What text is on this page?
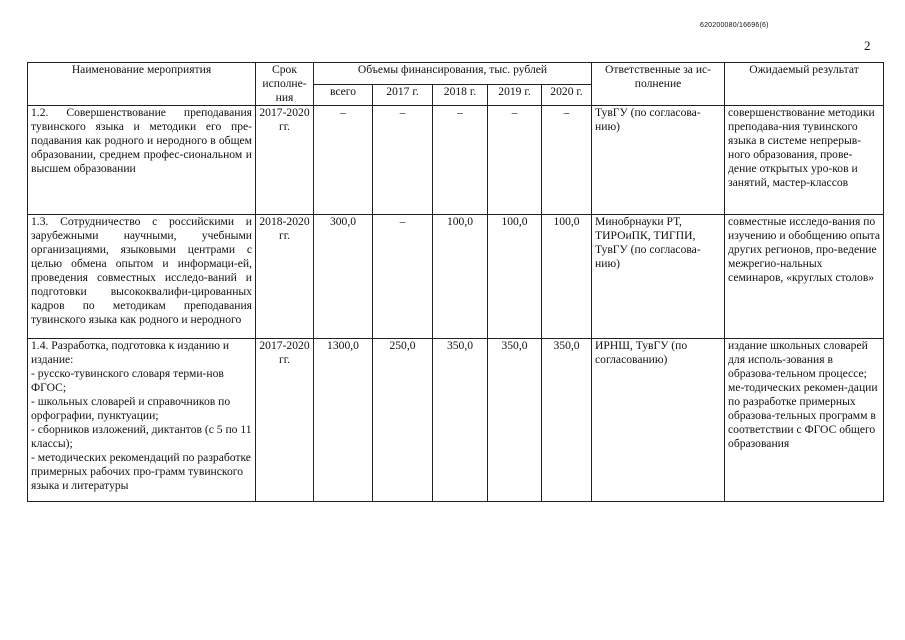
620200080/16696(6)
2
Наименование мероприятия	Срок исполне-ния	Объемы финансирования, тыс. рублей					Ответственные за ис-полнение	Ожидаемый результат
		всего	2017 г.	2018 г.	2019 г.	2020 г.		
1.2. Совершенствование преподавания тувинского языка и методики его пре-подавания как родного и неродного в общем образовании, среднем профес-сиональном и высшем образовании	2017-2020 гг.	–	–	–	–	–	ТувГУ (по согласова-нию)	совершенствование методики преподава-ния тувинского языка в системе непрерыв-ного образования, прове-дение открытых уро-ков и занятий, мастер-классов
1.3. Сотрудничество с российскими и зарубежными научными, учебными организациями, языковыми центрами с целью обмена опытом и информаци-ей, проведения совместных исследо-ваний и подготовки высококвалифи-цированных кадров по методикам преподавания тувинского языка как родного и неродного	2018-2020 гг.	300,0	–	100,0	100,0	100,0	Минобрнауки РТ, ТИРОиПК, ТИГПИ, ТувГУ (по согласова-нию)	совместные исследо-вания по изучению и обобщению опыта других регионов, про-ведение межрегио-нальных семинаров, «круглых столов»

1.4. Разработка, подготовка к изданию и издание:
- русско-тувинского словаря терми-нов ФГОС;
- школьных словарей и справочников по орфографии, пунктуации;
- сборников изложений, диктантов (с 5 по 11 классы);
- методических рекомендаций по разработке примерных рабочих про-грамм тувинского языка и литературы	2017-2020 гг.	1300,0	250,0	350,0	350,0	350,0	ИРНШ, ТувГУ (по согласованию)	издание школьных словарей для исполь-зования в образова-тельном процессе; ме-тодических рекомен-дации по разработке примерных образова-тельных программ в соответствии с ФГОС общего образования
